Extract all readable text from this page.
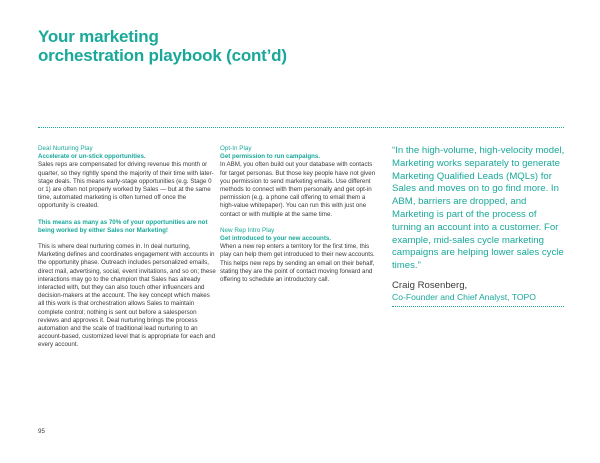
Your marketing
orchestration playbook (cont’d)
Deal Nurturing Play
Accelerate or un-stick opportunities.

Sales reps are compensated for driving revenue this month or quarter, so they rightly spend the majority of their time with later-stage deals. This means early-stage opportunities (e.g. Stage 0 or 1) are often not properly worked by Sales — but at the same time, automated marketing is often turned off once the opportunity is created.

This means as many as 70% of your opportunities are not being worked by either Sales nor Marketing!

This is where deal nurturing comes in. In deal nurturing, Marketing defines and coordinates engagement with accounts in the opportunity phase. Outreach includes personalized emails, direct mail, advertising, social, event invitations, and so on; these interactions may go to the champion that Sales has already interacted with, but they can also touch other influencers and decision-makers at the account. The key concept which makes all this work is that orchestration allows Sales to maintain complete control; nothing is sent out before a salesperson reviews and approves it. Deal nurturing brings the process automation and the scale of traditional lead nurturing to an account-based, customized level that is appropriate for each and every account.

Opt-In Play
Get permission to run campaigns.

In ABM, you often build out your database with contacts for target personas. But those key people have not given you permission to send marketing emails. Use different methods to connect with them personally and get opt-in permission (e.g. a phone call offering to email them a high-value whitepaper). You can run this with just one contact or with multiple at the same time.

New Rep Intro Play
Get introduced to your new accounts.

When a new rep enters a territory for the first time, this play can help them get introduced to their new accounts. This helps new reps by sending an email on their behalf, stating they are the point of contact moving forward and offering to schedule an introductory call.

“In the high-volume, high-velocity model, Marketing works separately to generate Marketing Qualified Leads (MQLs) for Sales and moves on to go find more. In ABM, barriers are dropped, and Marketing is part of the process of turning an account into a customer. For example, mid-sales cycle marketing campaigns are helping lower sales cycle times.”
Craig Rosenberg,
Co-Founder and Chief Analyst, TOPO
95
